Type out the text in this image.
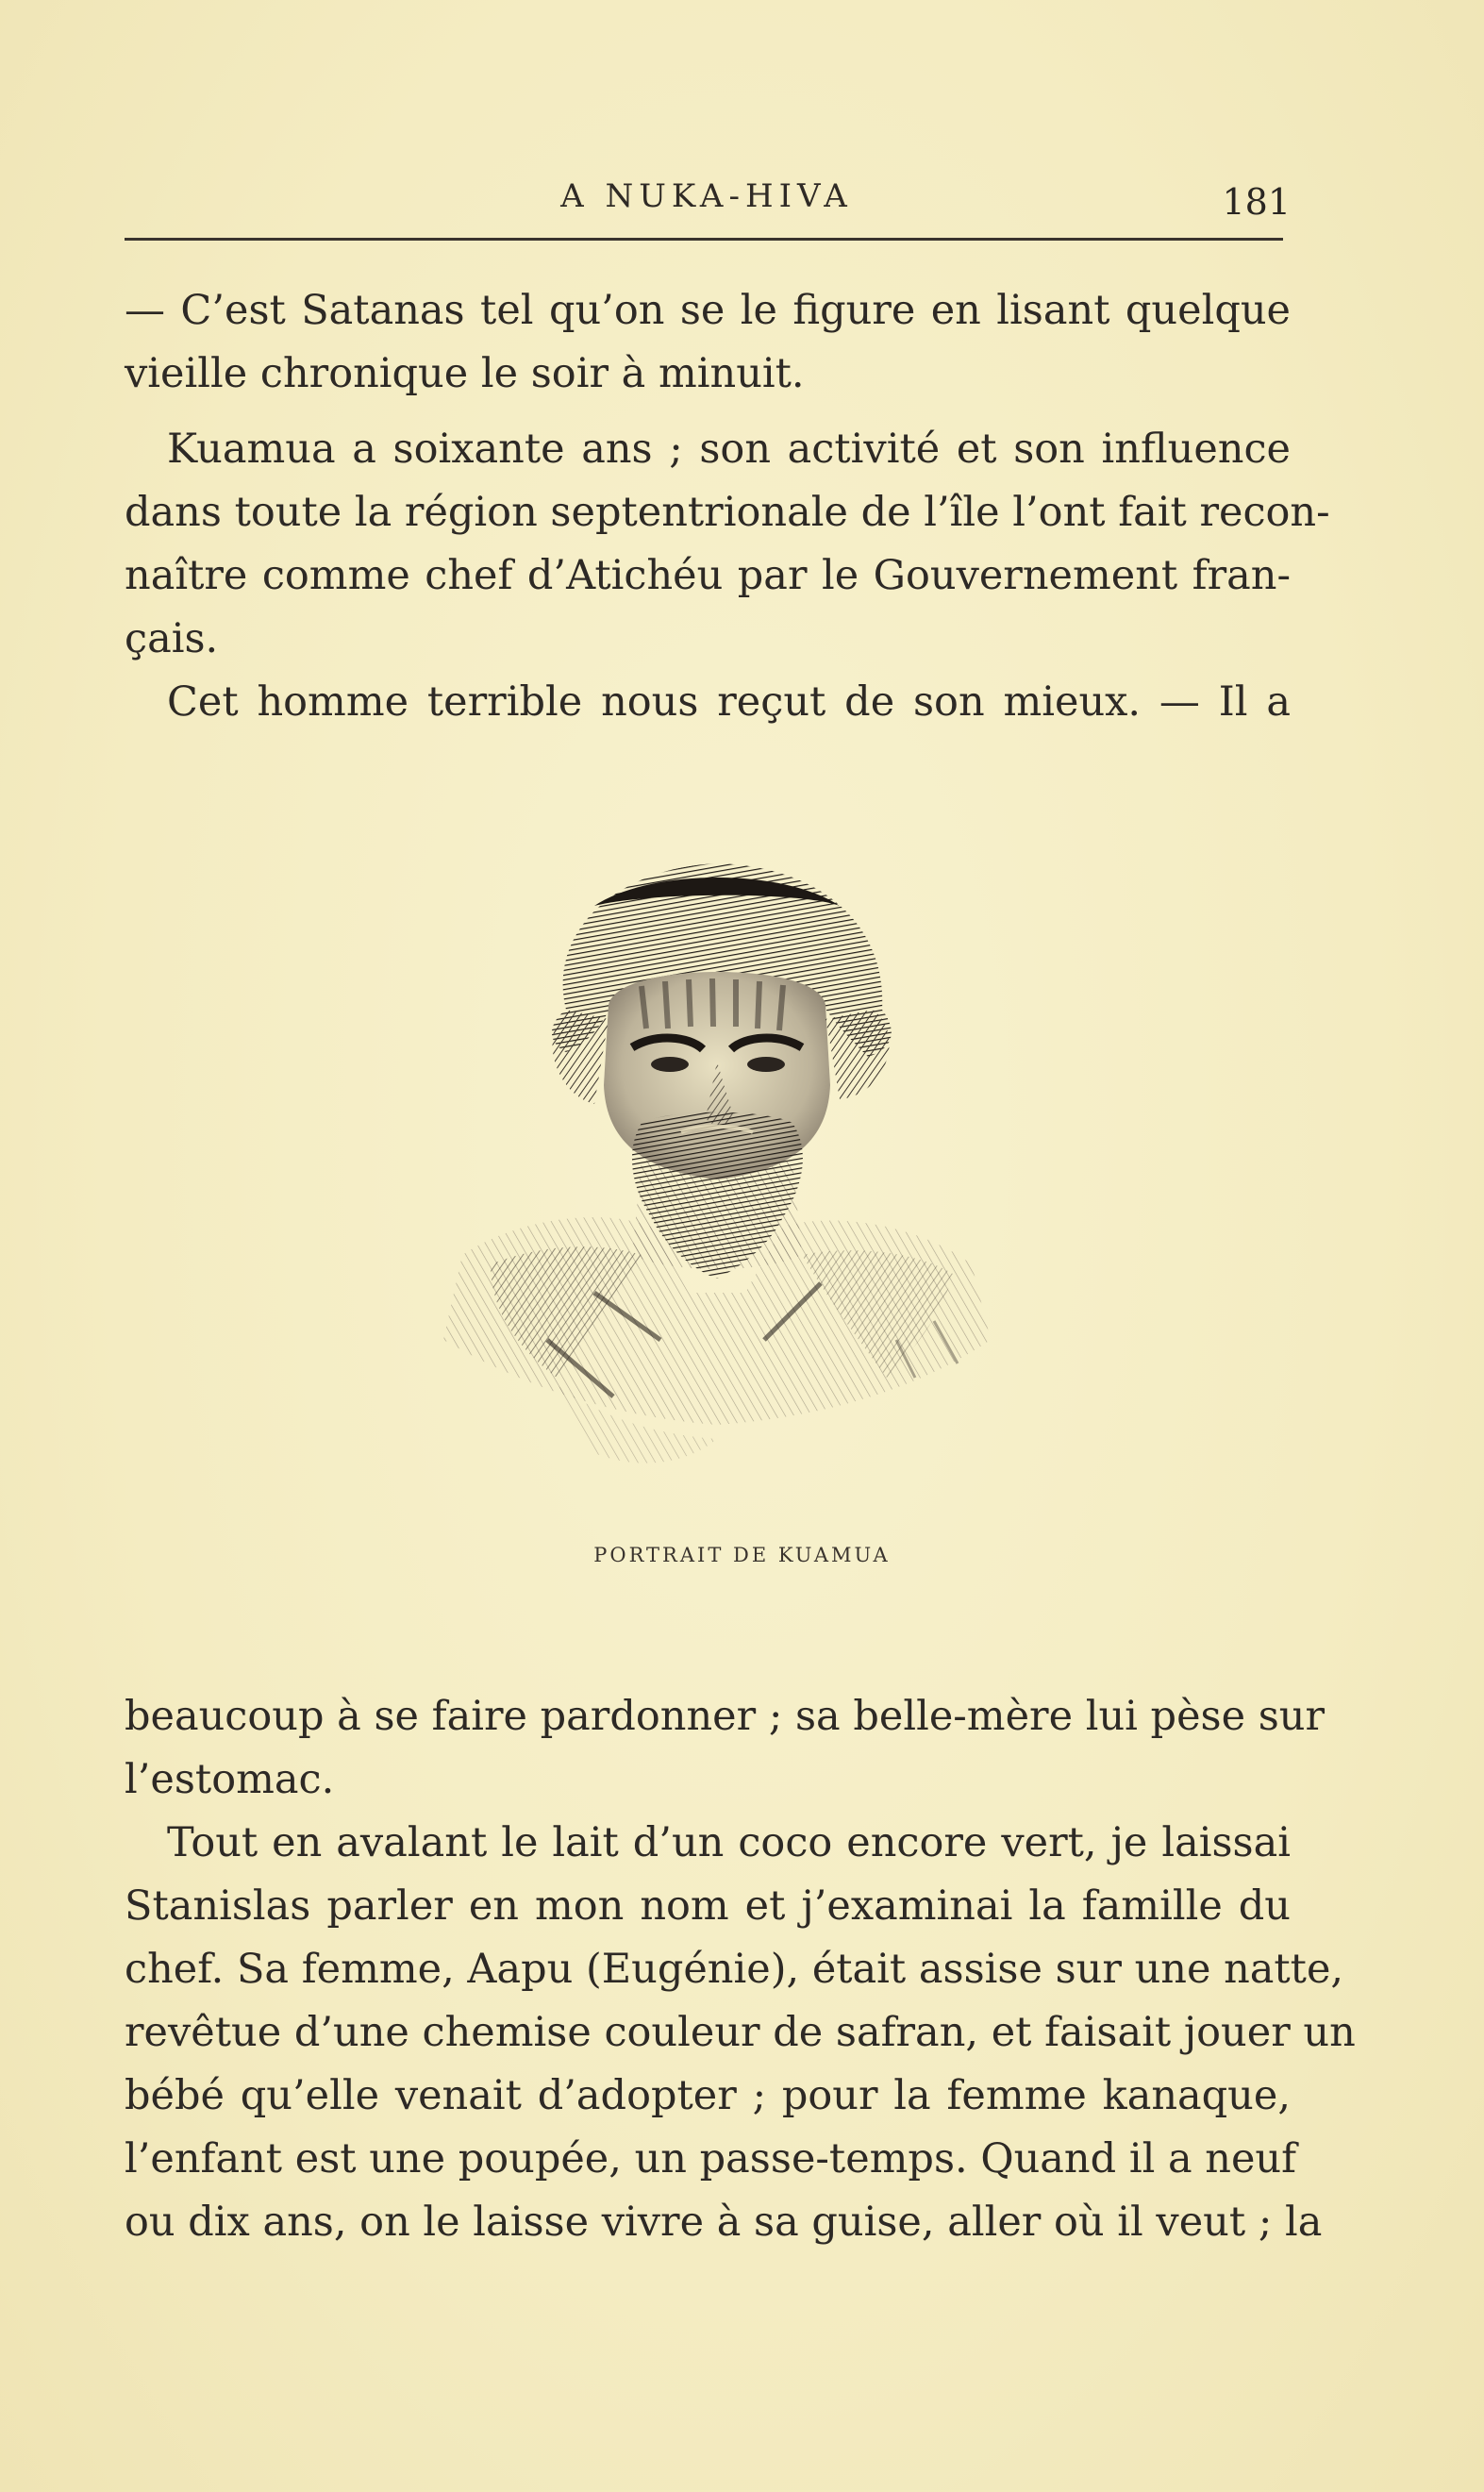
A NUKA-HIVA	181

— C’est Satanas tel qu’on se le figure en lisant quelque
vieille chronique le soir à minuit.

Kuamua a soixante ans ; son activité et son influence
dans toute la région septentrionale de l’île l’ont fait recon-
naître comme chef d’Atichéu par le Gouvernement fran-
çais.

Cet homme terrible nous reçut de son mieux. — Il a

PORTRAIT DE KUAMUA

beaucoup à se faire pardonner ; sa belle-mère lui pèse sur
l’estomac.

Tout en avalant le lait d’un coco encore vert, je laissai
Stanislas parler en mon nom et j’examinai la famille du
chef. Sa femme, Aapu (Eugénie), était assise sur une natte,
revêtue d’une chemise couleur de safran, et faisait jouer un
bébé qu’elle venait d’adopter ; pour la femme kanaque,
l’enfant est une poupée, un passe-temps. Quand il a neuf
ou dix ans, on le laisse vivre à sa guise, aller où il veut ; la
